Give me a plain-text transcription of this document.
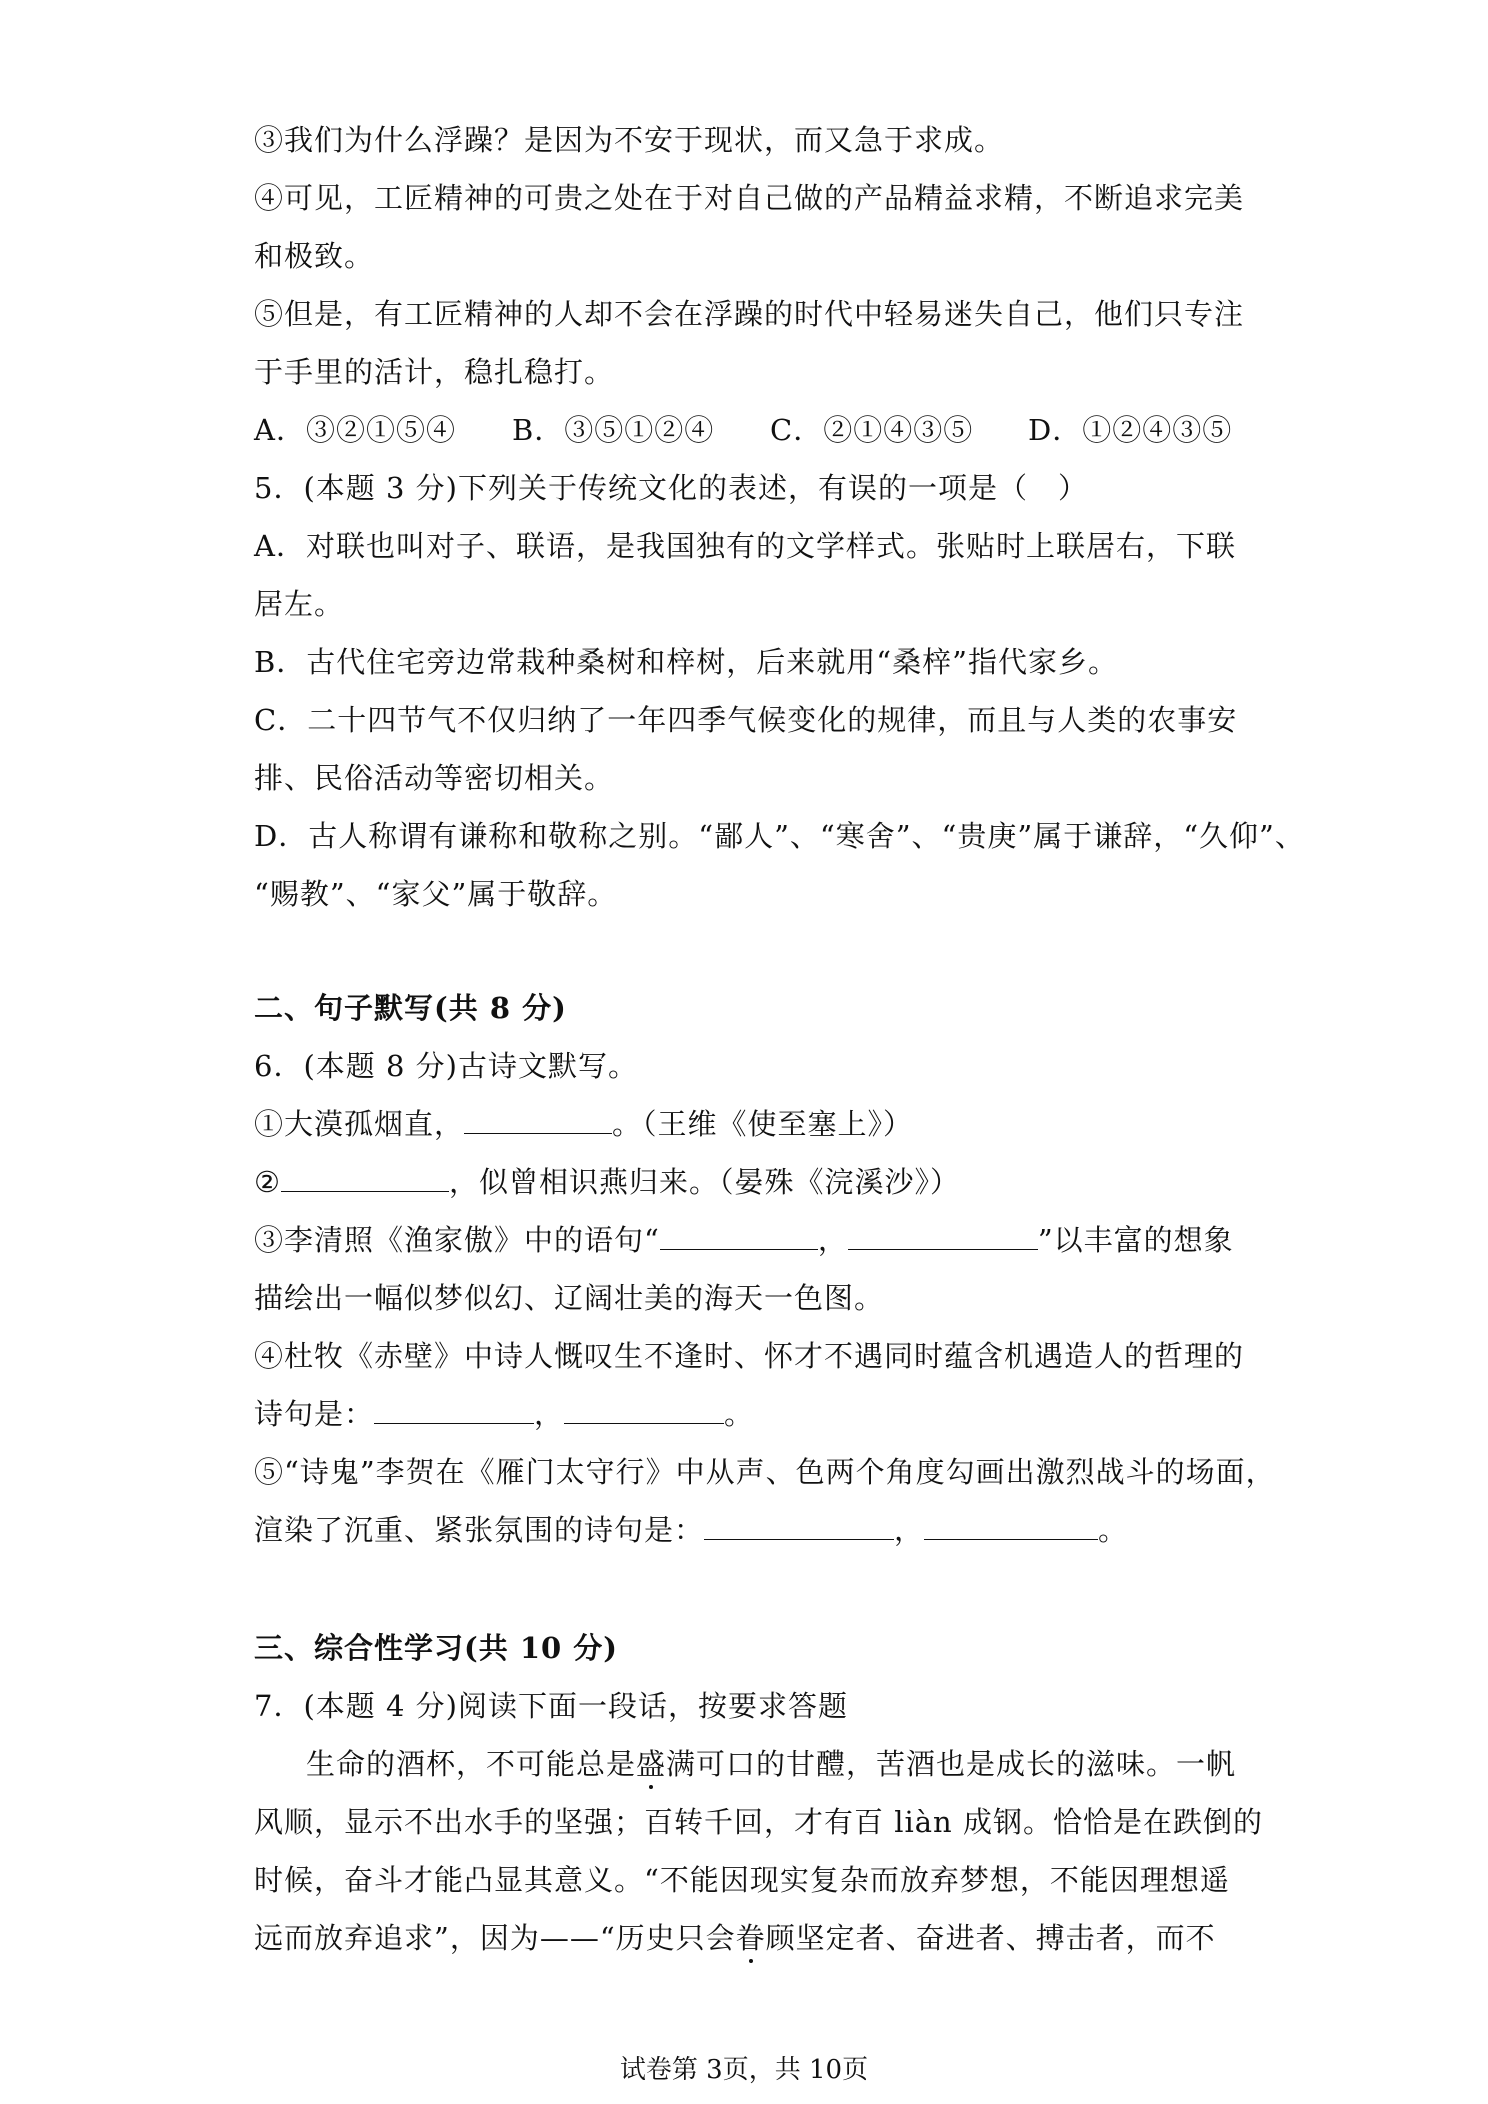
③我们为什么浮躁？是因为不安于现状，而又急于求成。
④可见，工匠精神的可贵之处在于对自己做的产品精益求精，不断追求完美
和极致。
⑤但是，有工匠精神的人却不会在浮躁的时代中轻易迷失自己，他们只专注
于手里的活计，稳扎稳打。
A．③②①⑤④	B．③⑤①②④	C．②①④③⑤	D．①②④③⑤
5．(本题 3 分)下列关于传统文化的表述，有误的一项是（　）
A．对联也叫对子、联语，是我国独有的文学样式。张贴时上联居右，下联
居左。
B．古代住宅旁边常栽种桑树和梓树，后来就用“桑梓”指代家乡。
C．二十四节气不仅归纳了一年四季气候变化的规律，而且与人类的农事安
排、民俗活动等密切相关。
D．古人称谓有谦称和敬称之别。“鄙人”、“寒舍”、“贵庚”属于谦辞，“久仰”、
“赐教”、“家父”属于敬辞。
二、句子默写(共 8 分)
6．(本题 8 分)古诗文默写。
①大漠孤烟直，	。（王维《使至塞上》）
②	，似曾相识燕归来。（晏殊《浣溪沙》）
③李清照《渔家傲》中的语句“	，	”以丰富的想象
描绘出一幅似梦似幻、辽阔壮美的海天一色图。
④杜牧《赤壁》中诗人慨叹生不逢时、怀才不遇同时蕴含机遇造人的哲理的
诗句是：	，	。
⑤“诗鬼”李贺在《雁门太守行》中从声、色两个角度勾画出激烈战斗的场面，
渲染了沉重、紧张氛围的诗句是：	，	。
三、综合性学习(共 10 分)
7．(本题 4 分)阅读下面一段话，按要求答题
生命的酒杯，不可能总是盛满可口的甘醴，苦酒也是成长的滋味。一帆
风顺，显示不出水手的坚强；百转千回，才有百 liàn 成钢。恰恰是在跌倒的
时候，奋斗才能凸显其意义。“不能因现实复杂而放弃梦想，不能因理想遥
远而放弃追求”，因为——“历史只会眷顾坚定者、奋进者、搏击者，而不
试卷第 3页，共 10页
